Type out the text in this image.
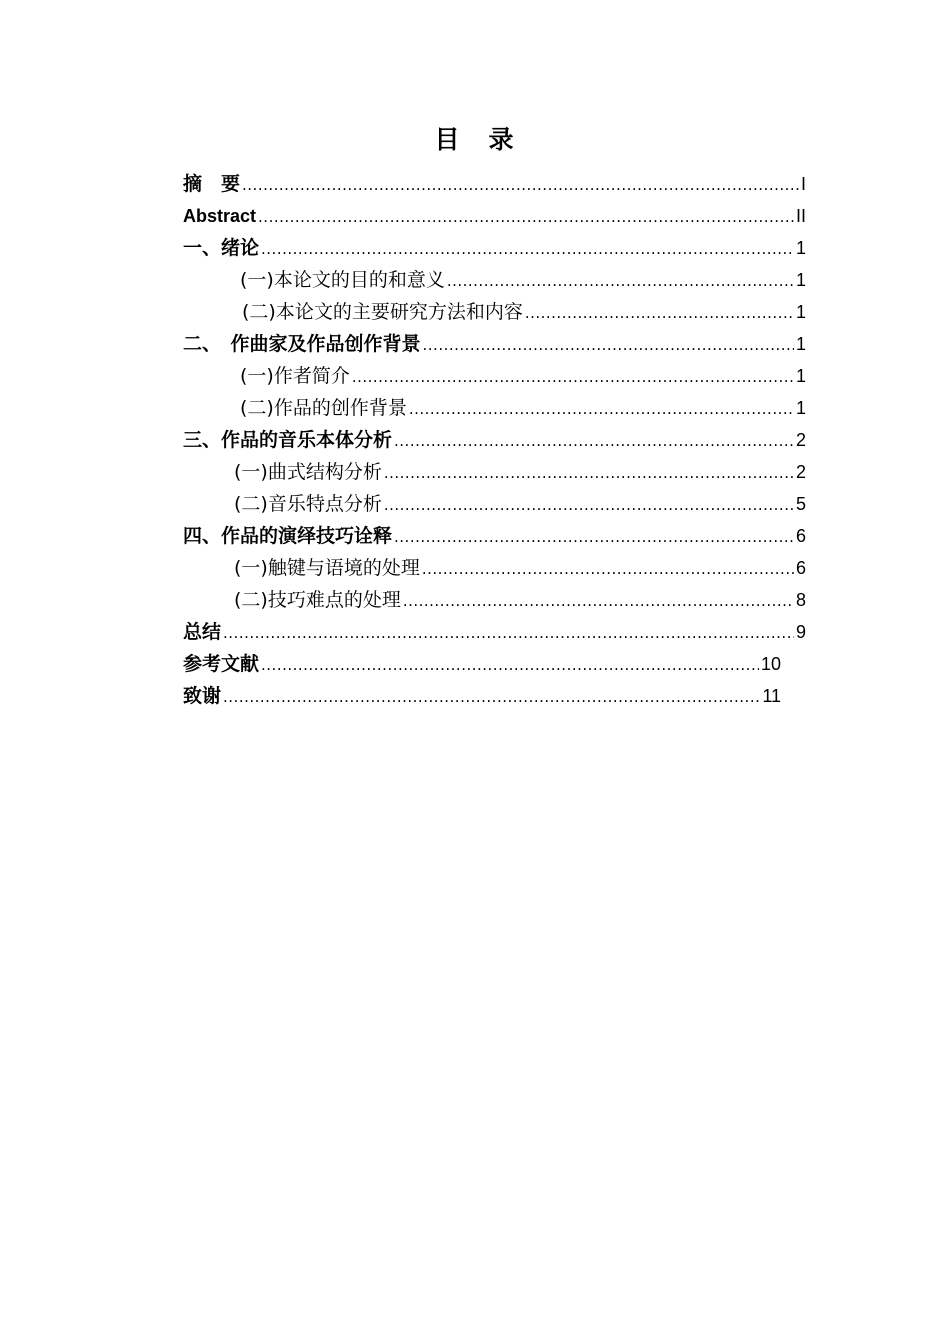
目　录
摘　要 .....	I
Abstract .....	II
一、绪论 .....	1
(一)本论文的目的和意义 .....	1
(二)本论文的主要研究方法和内容 .....	1
二、　作曲家及作品创作背景 .....	1
(一)作者简介 .....	1
(二)作品的创作背景 .....	1
三、作品的音乐本体分析 .....	2
(一)曲式结构分析 .....	2
(二)音乐特点分析 .....	5
四、作品的演绎技巧诠释 .....	6
(一)触键与语境的处理 .....	6
(二)技巧难点的处理 .....	8
总结 .....	9
参考文献 .....	10
致谢 .....	11
